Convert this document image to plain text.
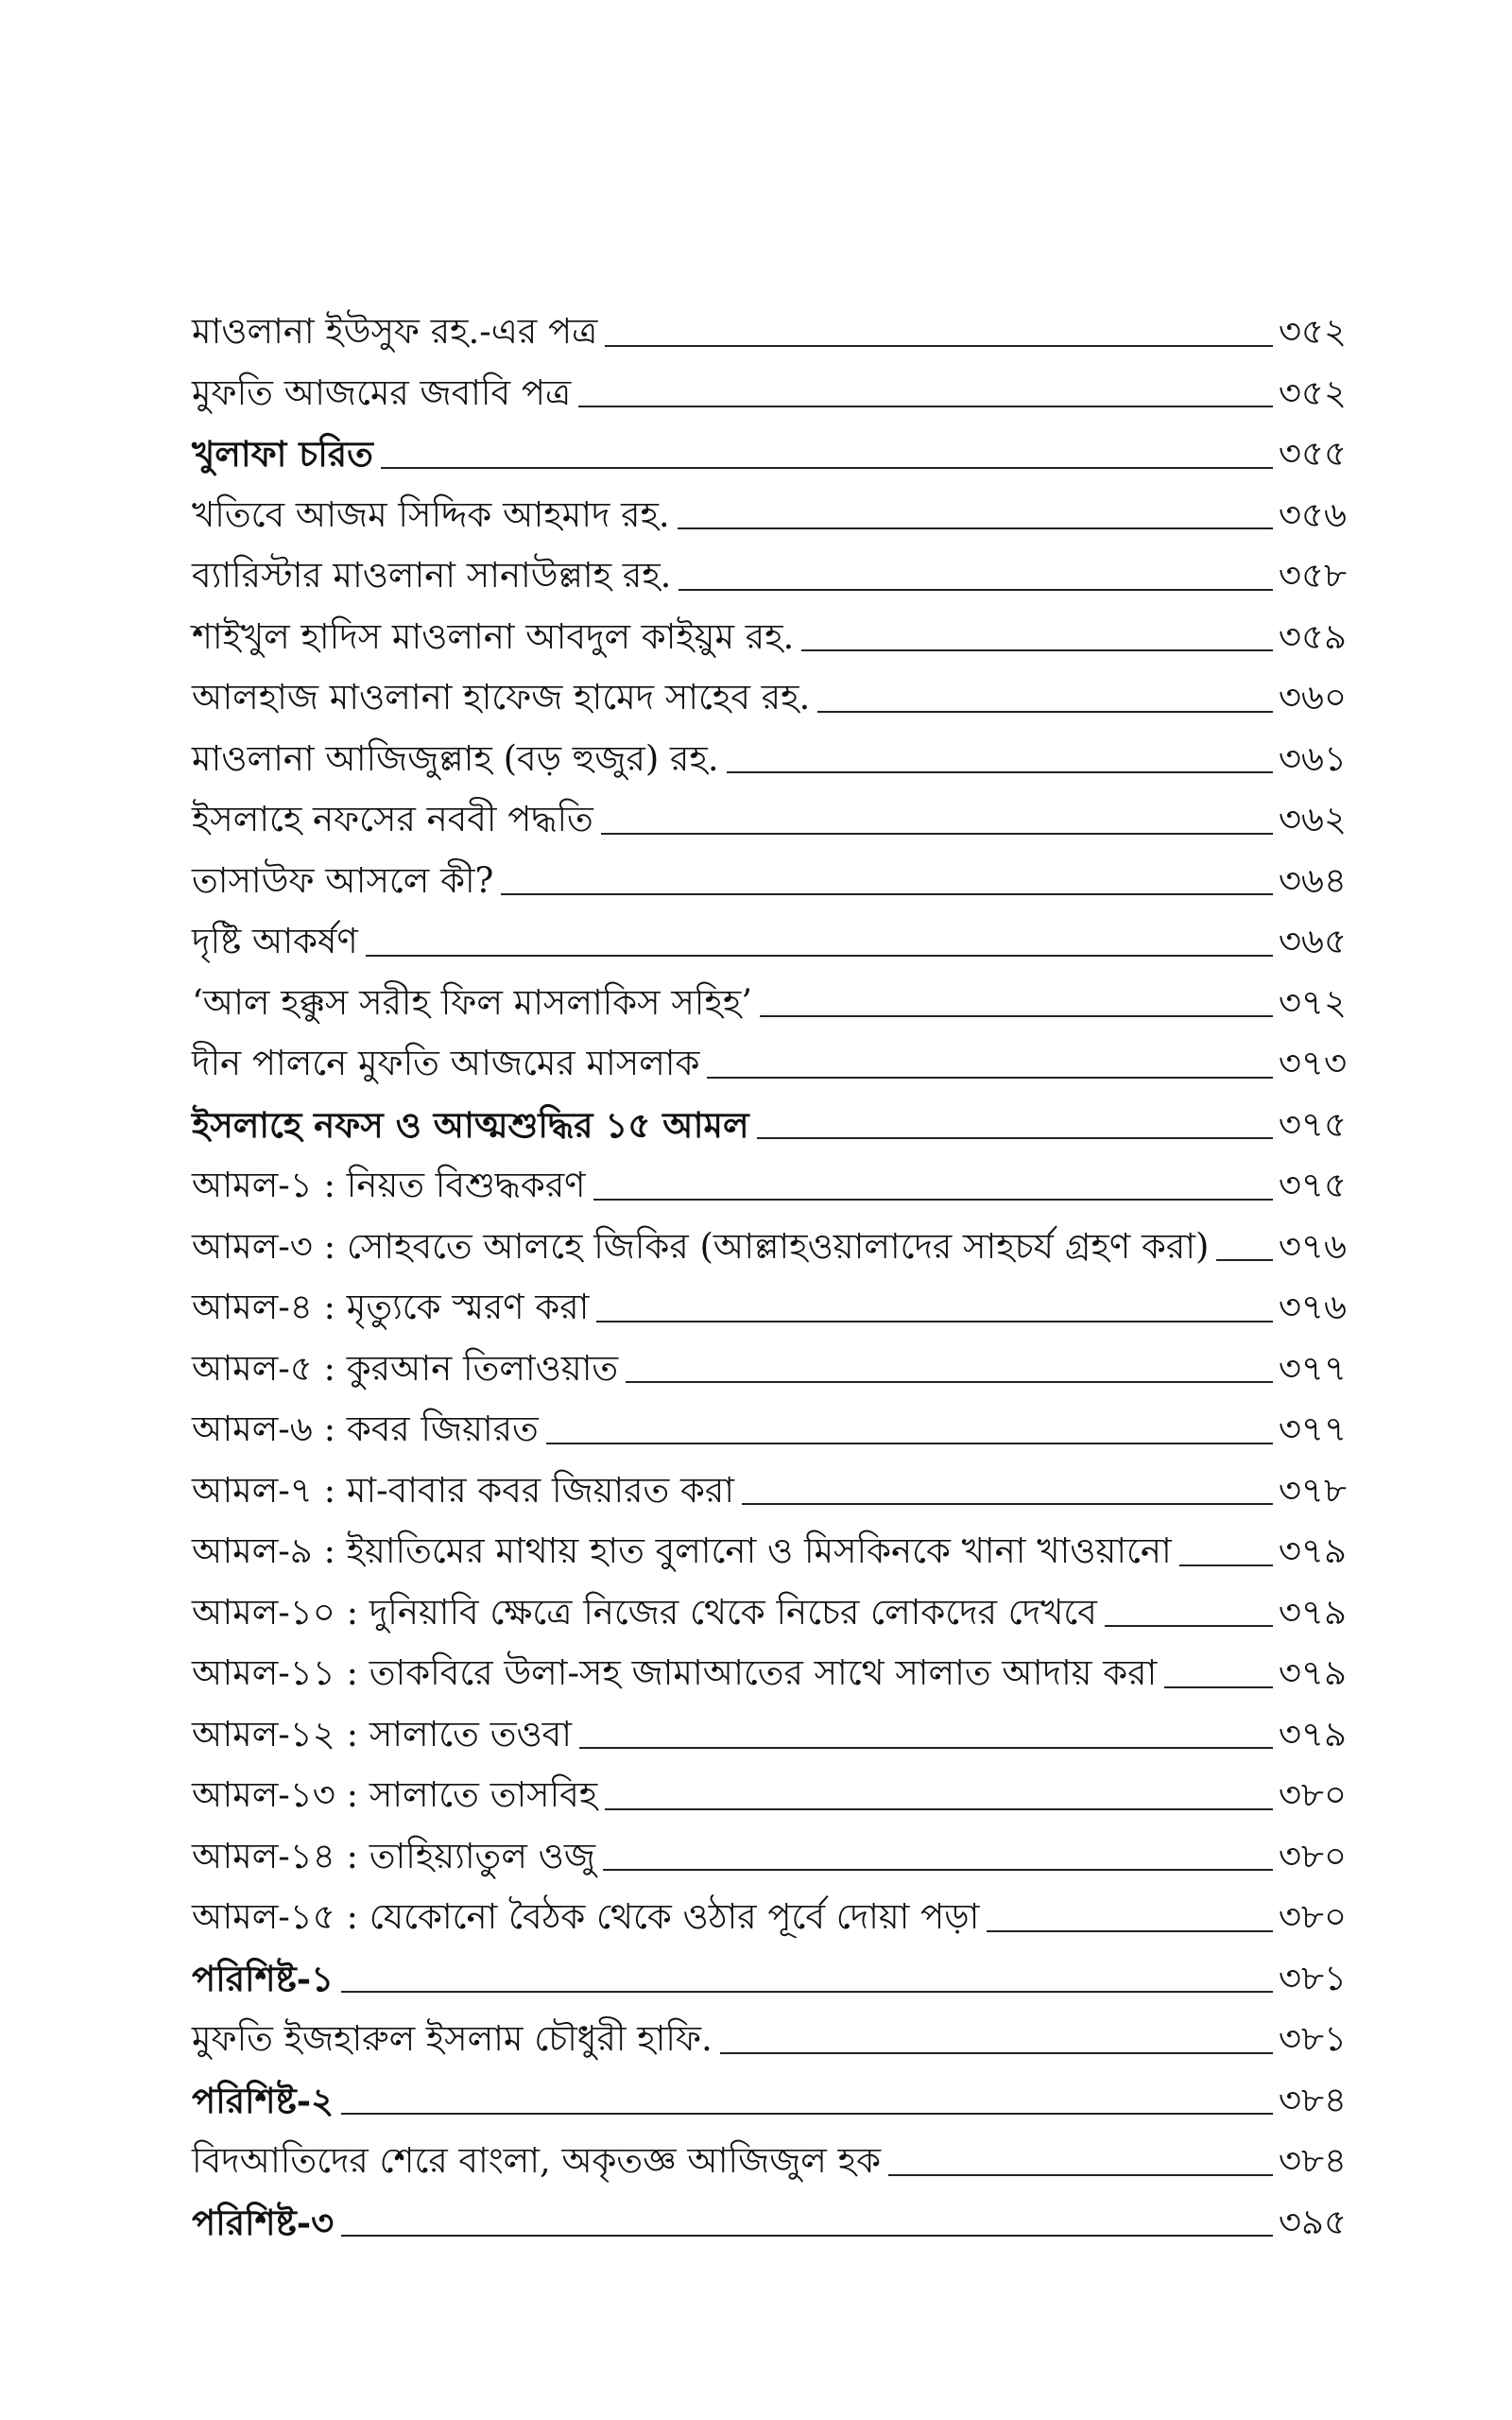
মাওলানা ইউসুফ রহ.-এর পত্র	৩৫২
মুফতি আজমের জবাবি পত্র	৩৫২
খুলাফা চরিত	৩৫৫
খতিবে আজম সিদ্দিক আহমাদ রহ.	৩৫৬
ব্যারিস্টার মাওলানা সানাউল্লাহ রহ.	৩৫৮
শাইখুল হাদিস মাওলানা আবদুল কাইয়ুম রহ.	৩৫৯
আলহাজ মাওলানা হাফেজ হামেদ সাহেব রহ.	৩৬০
মাওলানা আজিজুল্লাহ (বড় হুজুর) রহ.	৩৬১
ইসলাহে নফসের নববী পদ্ধতি	৩৬২
তাসাউফ আসলে কী?	৩৬৪
দৃষ্টি আকর্ষণ	৩৬৫
‘আল হক্কুস সরীহ ফিল মাসলাকিস সহিহ’	৩৭২
দীন পালনে মুফতি আজমের মাসলাক	৩৭৩
ইসলাহে নফস ও আত্মশুদ্ধির ১৫ আমল	৩৭৫
আমল-১ : নিয়ত বিশুদ্ধকরণ	৩৭৫
আমল-৩ : সোহবতে আলহে জিকির (আল্লাহওয়ালাদের সাহচর্য গ্রহণ করা) ৩৭৬
আমল-৪ : মৃত্যুকে স্মরণ করা	৩৭৬
আমল-৫ : কুরআন তিলাওয়াত	৩৭৭
আমল-৬ : কবর জিয়ারত	৩৭৭
আমল-৭ : মা-বাবার কবর জিয়ারত করা	৩৭৮
আমল-৯ : ইয়াতিমের মাথায় হাত বুলানো ও মিসকিনকে খানা খাওয়ানো	৩৭৯
আমল-১০ : দুনিয়াবি ক্ষেত্রে নিজের থেকে নিচের লোকদের দেখবে	৩৭৯
আমল-১১ : তাকবিরে উলা-সহ জামাআতের সাথে সালাত আদায় করা	৩৭৯
আমল-১২ : সালাতে তওবা	৩৭৯
আমল-১৩ : সালাতে তাসবিহ	৩৮০
আমল-১৪ : তাহিয়্যাতুল ওজু	৩৮০
আমল-১৫ : যেকোনো বৈঠক থেকে ওঠার পূর্বে দোয়া পড়া	৩৮০
পরিশিষ্ট-১	৩৮১
মুফতি ইজহারুল ইসলাম চৌধুরী হাফি.	৩৮১
পরিশিষ্ট-২	৩৮৪
বিদআতিদের শেরে বাংলা, অকৃতজ্ঞ আজিজুল হক	৩৮৪
পরিশিষ্ট-৩	৩৯৫
